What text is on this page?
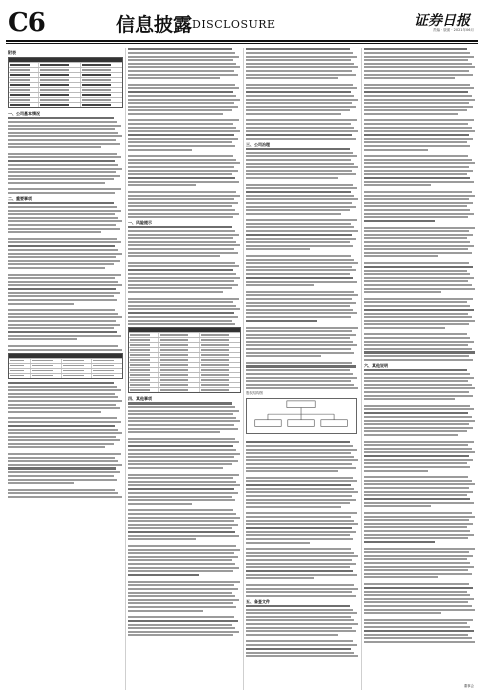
C6	信息披露 DISCLOSURE	证券日报
责编 · 版面 · 2021年06月
附表
一、公司基本情况
二、重要事项
一、风险提示
四、其他事项
三、公司治理
股权结构图
五、备查文件
六、其他说明
董事会
